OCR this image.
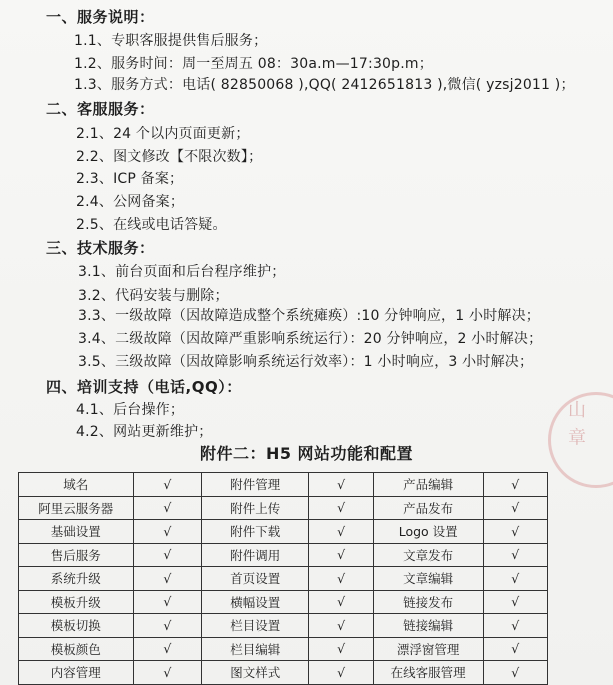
一、服务说明：
1.1、专职客服提供售后服务；
1.2、服务时间：周一至周五 08：30a.m—17:30p.m；
1.3、服务方式：电话( 82850068 ),QQ( 2412651813 ),微信( yzsj2011 )；
二、客服服务：
2.1、24 个以内页面更新；
2.2、图文修改【不限次数】；
2.3、ICP 备案；
2.4、公网备案；
2.5、在线或电话答疑。
三、技术服务：
3.1、前台页面和后台程序维护；
3.2、代码安装与删除；
3.3、一级故障（因故障造成整个系统瘫痪）:10 分钟响应，1 小时解决；
3.4、二级故障（因故障严重影响系统运行）：20 分钟响应，2 小时解决；
3.5、三级故障（因故障影响系统运行效率）：1 小时响应，3 小时解决；
四、培训支持（电话,QQ）：
4.1、后台操作；
4.2、网站更新维护；	山 章
附件二：H5 网站功能和配置
域名	√	附件管理	√	产品编辑	√
阿里云服务器	√	附件上传	√	产品发布	√
基础设置	√	附件下载	√	Logo 设置	√
售后服务	√	附件调用	√	文章发布	√
系统升级	√	首页设置	√	文章编辑	√
模板升级	√	横幅设置	√	链接发布	√
模板切换	√	栏目设置	√	链接编辑	√
模板颜色	√	栏目编辑	√	漂浮窗管理	√
内容管理	√	图文样式	√	在线客服管理	√
